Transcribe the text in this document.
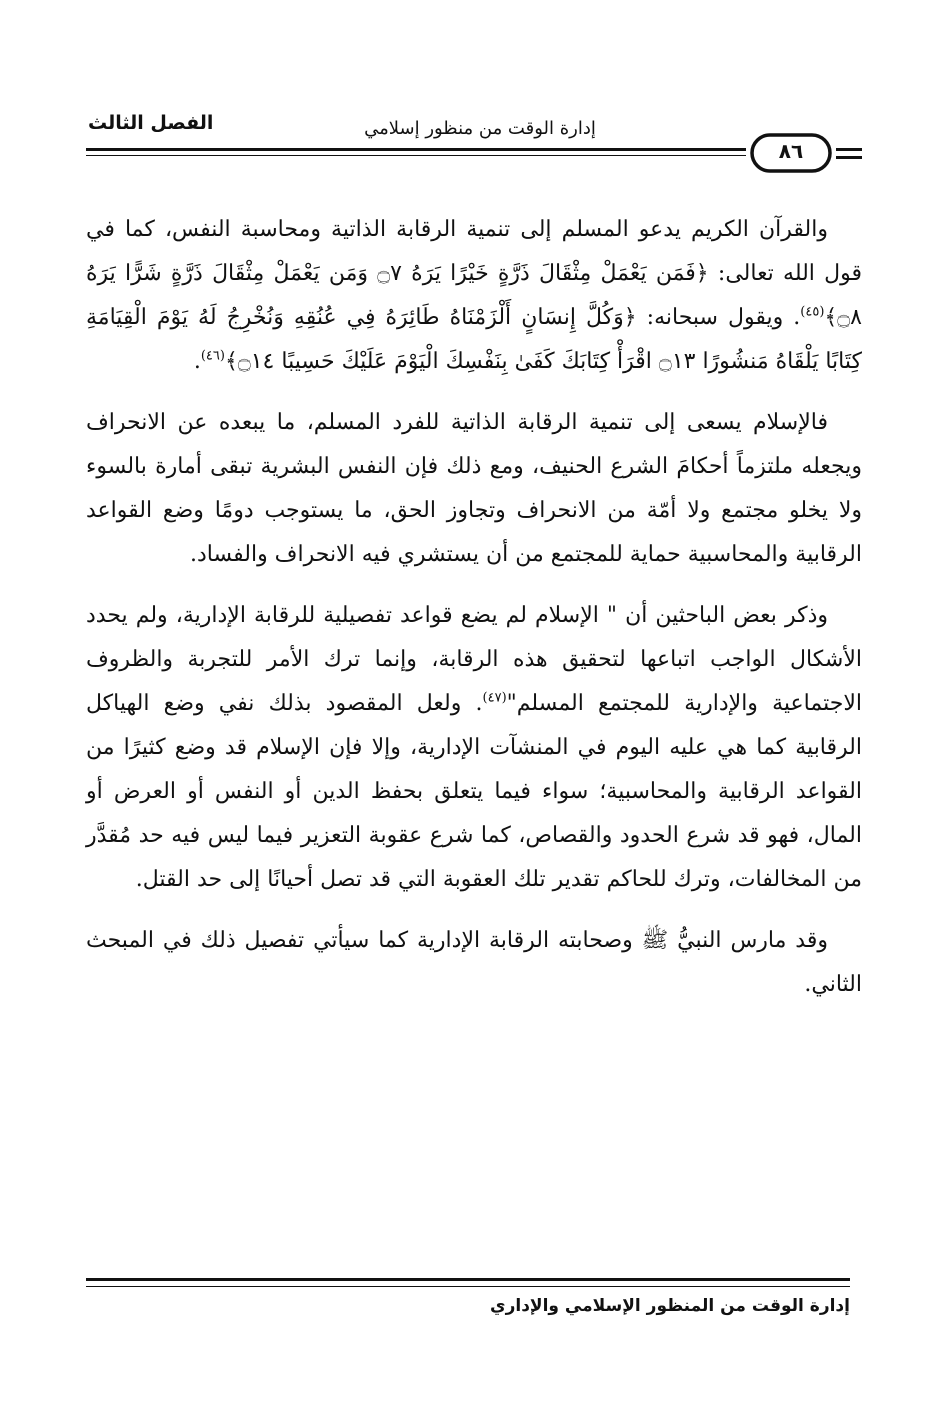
الفصل الثالث	إدارة الوقت من منظور إسلامي
٨٦

والقرآن الكريم يدعو المسلم إلى تنمية الرقابة الذاتية ومحاسبة النفس، كما في قول الله تعالى: ﴿فَمَن يَعْمَلْ مِثْقَالَ ذَرَّةٍ خَيْرًا يَرَهُ ۝٧ وَمَن يَعْمَلْ مِثْقَالَ ذَرَّةٍ شَرًّا يَرَهُ ۝٨﴾$^{(٤٥)}$. ويقول سبحانه: ﴿وَكُلَّ إِنسَانٍ أَلْزَمْنَاهُ طَائِرَهُ فِي عُنُقِهِ وَنُخْرِجُ لَهُ يَوْمَ الْقِيَامَةِ كِتَابًا يَلْقَاهُ مَنشُورًا ۝١٣ اقْرَأْ كِتَابَكَ كَفَىٰ بِنَفْسِكَ الْيَوْمَ عَلَيْكَ حَسِيبًا ۝١٤﴾$^{(٤٦)}$.

فالإسلام يسعى إلى تنمية الرقابة الذاتية للفرد المسلم، ما يبعده عن الانحراف ويجعله ملتزماً أحكامَ الشرع الحنيف، ومع ذلك فإن النفس البشرية تبقى أمارة بالسوء ولا يخلو مجتمع ولا أمّة من الانحراف وتجاوز الحق، ما يستوجب دومًا وضع القواعد الرقابية والمحاسبية حماية للمجتمع من أن يستشري فيه الانحراف والفساد.

وذكر بعض الباحثين أن " الإسلام لم يضع قواعد تفصيلية للرقابة الإدارية، ولم يحدد الأشكال الواجب اتباعها لتحقيق هذه الرقابة، وإنما ترك الأمر للتجربة والظروف الاجتماعية والإدارية للمجتمع المسلم"$^{(٤٧)}$. ولعل المقصود بذلك نفي وضع الهياكل الرقابية كما هي عليه اليوم في المنشآت الإدارية، وإلا فإن الإسلام قد وضع كثيرًا من القواعد الرقابية والمحاسبية؛ سواء فيما يتعلق بحفظ الدين أو النفس أو العرض أو المال، فهو قد شرع الحدود والقصاص، كما شرع عقوبة التعزير فيما ليس فيه حد مُقدَّر من المخالفات، وترك للحاكم تقدير تلك العقوبة التي قد تصل أحيانًا إلى حد القتل.

وقد مارس النبيُّ ﷺ وصحابته الرقابة الإدارية كما سيأتي تفصيل ذلك في المبحث الثاني.

إدارة الوقت من المنظور الإسلامي والإداري
